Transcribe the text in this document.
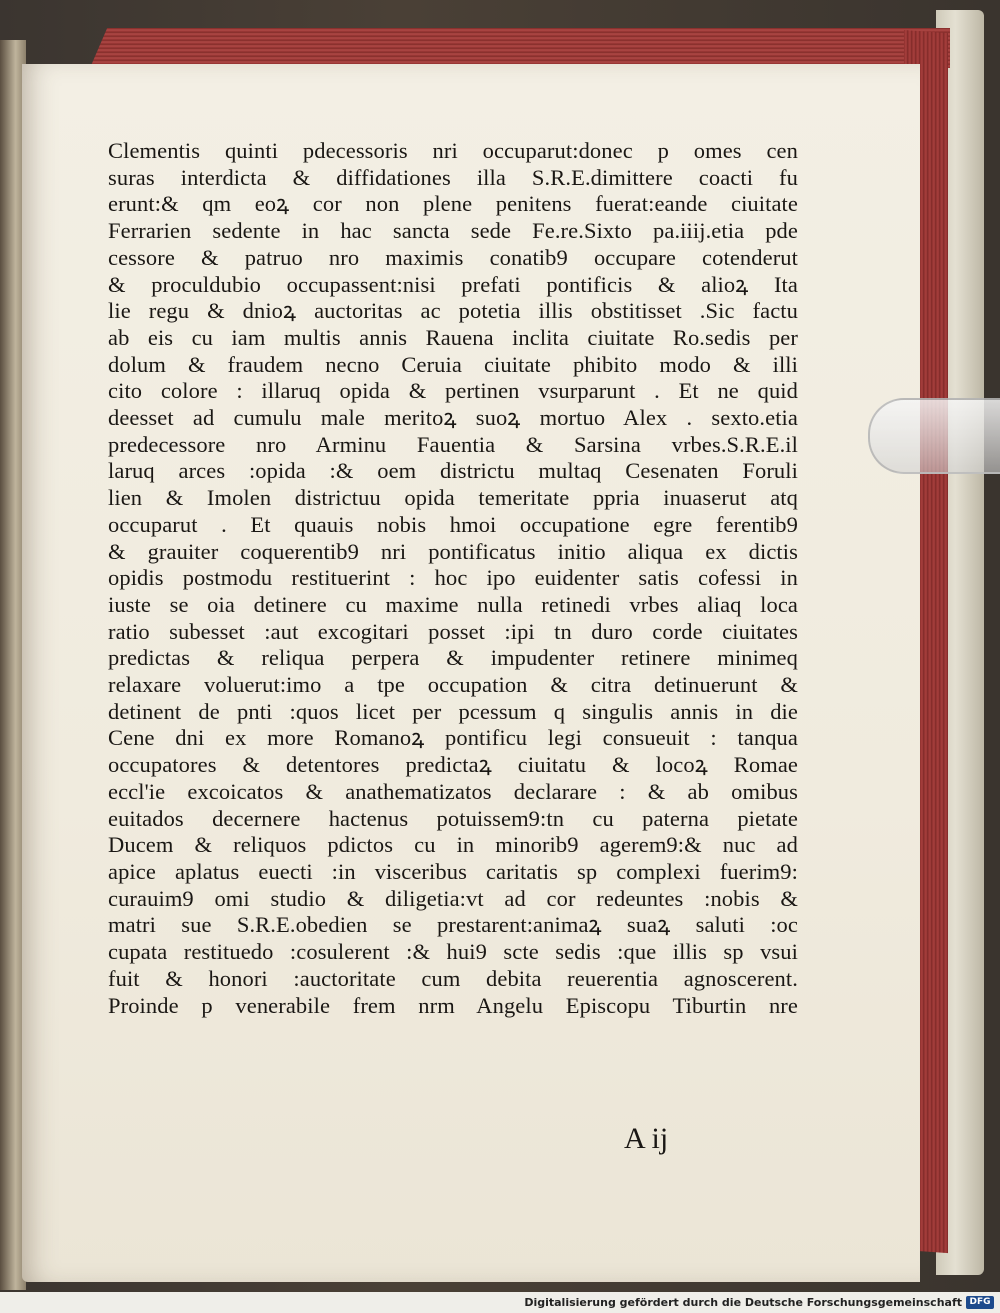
Clementis quinti pdecessoris nri occuparut:donec p omes cen
suras interdicta & diffidationes illa S.R.E.dimittere coacti fu
erunt:& qm eoꝝ cor non plene penitens fuerat:eande ciuitate
Ferrarien sedente in hac sancta sede Fe.re.Sixto pa.iiij.etia pde
cessore & patruo nro maximis conatib9 occupare cotenderut
& proculdubio occupassent:nisi prefati pontificis & alioꝝ Ita
lie regu & dnioꝝ auctoritas ac potetia illis obstitisset .Sic factu
ab eis cu iam multis annis Rauena inclita ciuitate Ro.sedis per
dolum & fraudem necno Ceruia ciuitate phibito modo & illi
cito colore : illaruq opida & pertinen vsurparunt . Et ne quid
deesset ad cumulu male meritoꝝ suoꝝ mortuo Alex . sexto.etia
predecessore nro Arminu Fauentia & Sarsina vrbes.S.R.E.il
laruq arces :opida :& oem districtu multaq Cesenaten Foruli
lien & Imolen districtuu opida temeritate ppria inuaserut atq
occuparut . Et quauis nobis hmoi occupatione egre ferentib9
& grauiter coquerentib9 nri pontificatus initio aliqua ex dictis
opidis postmodu restituerint : hoc ipo euidenter satis cofessi in
iuste se oia detinere cu maxime nulla retinedi vrbes aliaq loca
ratio subesset :aut excogitari posset :ipi tn duro corde ciuitates
predictas & reliqua perpera & impudenter retinere minimeq
relaxare voluerut:imo a tpe occupation & citra detinuerunt &
detinent de pnti :quos licet per pcessum q singulis annis in die
Cene dni ex more Romanoꝝ pontificu legi consueuit : tanqua
occupatores & detentores predictaꝝ ciuitatu & locoꝝ Romae
eccl'ie excoicatos & anathematizatos declarare : & ab omibus
euitados decernere hactenus potuissem9:tn cu paterna pietate
Ducem & reliquos pdictos cu in minorib9 agerem9:& nuc ad
apice aplatus euecti :in visceribus caritatis sp complexi fuerim9:
curauim9 omi studio & diligetia:vt ad cor redeuntes :nobis &
matri sue S.R.E.obedien se prestarent:animaꝝ suaꝝ saluti :oc
cupata restituedo :cosulerent :& hui9 scte sedis :que illis sp vsui
fuit & honori :auctoritate cum debita reuerentia agnoscerent.
Proinde p venerabile frem nrm Angelu Episcopu Tiburtin nre
A ij
Digitalisierung gefördert durch die Deutsche Forschungsgemeinschaft DFG
